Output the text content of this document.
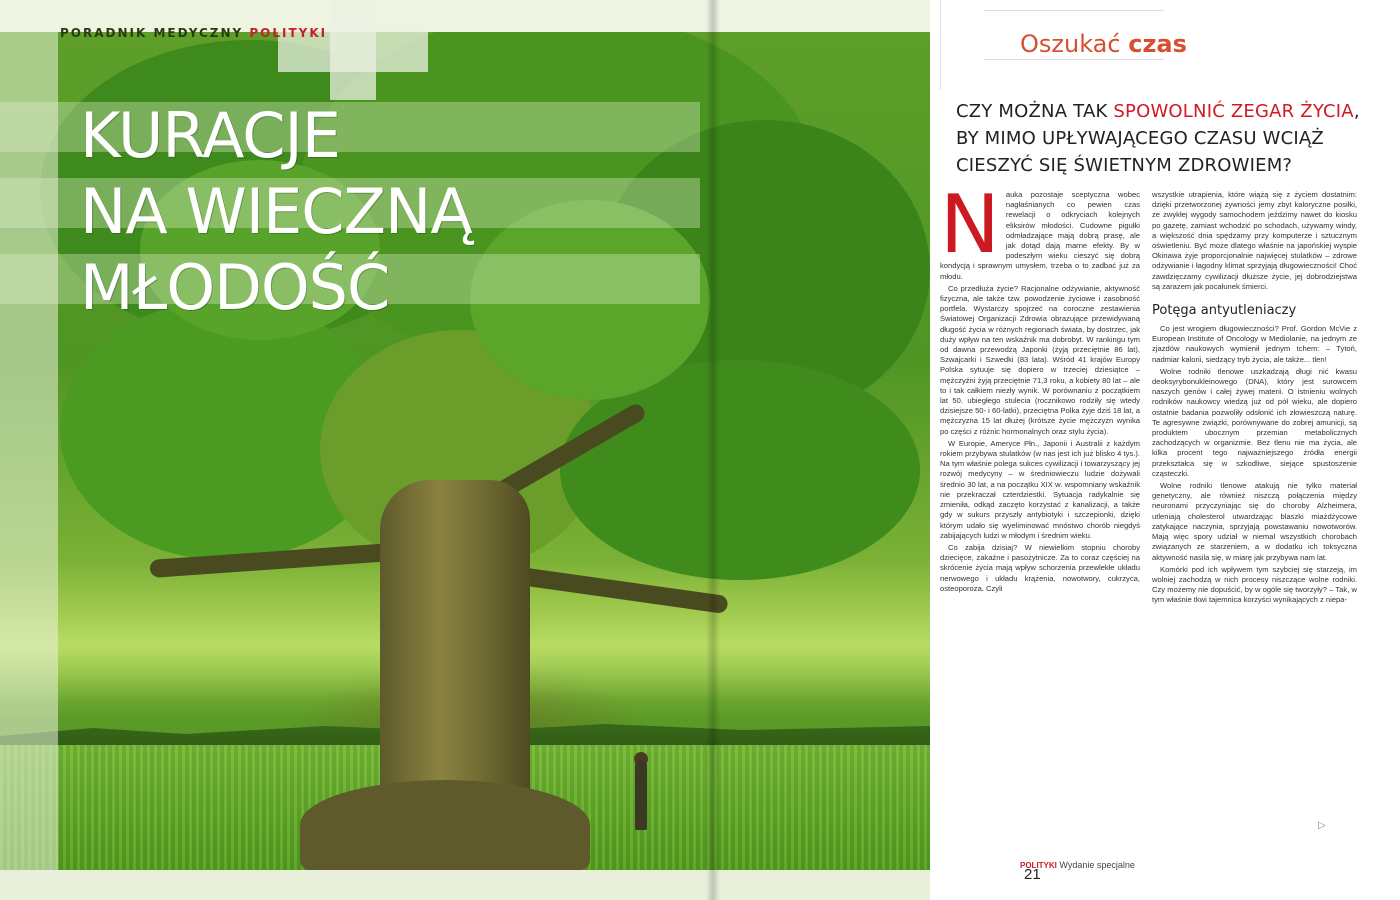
PORADNIK MEDYCZNY POLITYKI
KURACJE
NA WIECZNĄ
MŁODOŚĆ
Oszukać czas
CZY MOŻNA TAK SPOWOLNIĆ ZEGAR ŻYCIA, BY MIMO UPŁYWAJĄCEGO CZASU WCIĄŻ CIESZYĆ SIĘ ŚWIETNYM ZDROWIEM?
N auka pozostaje sceptyczna wobec nagłaśnianych co pewien czas rewelacji o odkryciach kolejnych eliksirów młodości. Cudowne pigułki odmładzające mają dobrą prasę, ale jak dotąd dają marne efekty. By w podeszłym wieku cieszyć się dobrą kondycją i sprawnym umysłem, trzeba o to zadbać już za młodu.

Co przedłuża życie? Racjonalne odżywianie, aktywność fizyczna, ale także tzw. powodzenie życiowe i zasobność portfela. Wystarczy spojrzeć na coroczne zestawienia Światowej Organizacji Zdrowia obrazujące przewidywaną długość życia w różnych regionach świata, by dostrzec, jak duży wpływ na ten wskaźnik ma dobrobyt. W rankingu tym od dawna przewodzą Japonki (żyją przeciętnie 86 lat), Szwajcarki i Szwedki (83 lata). Wśród 41 krajów Europy Polska sytuuje się dopiero w trzeciej dziesiątce – mężczyźni żyją przeciętnie 71,3 roku, a kobiety 80 lat – ale to i tak całkiem niezły wynik. W porównaniu z początkiem lat 50. ubiegłego stulecia (rocznikowo rodziły się wtedy dzisiejsze 50- i 60-latki), przeciętna Polka żyje dziś 18 lat, a mężczyzna 15 lat dłużej (krótsze życie mężczyzn wynika po części z różnic hormonalnych oraz stylu życia).

W Europie, Ameryce Płn., Japonii i Australii z każdym rokiem przybywa stulatków (w nas jest ich już blisko 4 tys.). Na tym właśnie polega sukces cywilizacji i towarzyszący jej rozwój medycyny – w średniowieczu ludzie dożywali średnio 30 lat, a na początku XIX w. wspomniany wskaźnik nie przekraczał czterdziestki. Sytuacja radykalnie się zmieniła, odkąd zaczęto korzystać z kanalizacji, a także gdy w sukurs przyszły antybiotyki i szczepionki, dzięki którym udało się wyeliminować mnóstwo chorób niegdyś zabijających ludzi w młodym i średnim wieku.

Co zabija dzisiaj? W niewielkim stopniu choroby dziecięce, zakaźne i pasożytnicze. Za to coraz częściej na skrócenie życia mają wpływ schorzenia przewlekłe układu nerwowego i układu krążenia, nowotwory, cukrzyca, osteoporoza. Czyli

wszystkie utrapienia, które wiążą się z życiem dostatnim: dzięki przetworzonej żywności jemy zbyt kaloryczne posiłki, ze zwykłej wygody samochodem jeździmy nawet do kiosku po gazetę, zamiast wchodzić po schodach, używamy windy, a większość dnia spędzamy przy komputerze i sztucznym oświetleniu. Być może dlatego właśnie na japońskiej wyspie Okinawa żyje proporcjonalnie najwięcej stulatków – zdrowe odżywianie i łagodny klimat sprzyjają długowieczności! Choć zawdzięczamy cywilizacji dłuższe życie, jej dobrodziejstwa są zarazem jak pocałunek śmierci.

Potęga antyutleniaczy

Co jest wrogiem długowieczności? Prof. Gordon McVie z European Institute of Oncology w Mediolanie, na jednym ze zjazdów naukowych wymienił jednym tchem: – Tytoń, nadmiar kalorii, siedzący tryb życia, ale także... tlen!

Wolne rodniki tlenowe uszkadzają długi nić kwasu deoksyrybonukleinowego (DNA), który jest surowcem naszych genów i całej żywej materii. O istnieniu wolnych rodników naukowcy wiedzą już od pół wieku, ale dopiero ostatnie badania pozwoliły odsłonić ich złowieszczą naturę. Te agresywne związki, porównywane do zobrej amunicji, są produktem ubocznym przemian metabolicznych zachodzących w organizmie. Bez tlenu nie ma życia, ale kilka procent tego najważniejszego źródła energii przekształca się w szkodliwe, siejące spustoszenie cząsteczki.

Wolne rodniki tlenowe atakują nie tylko materiał genetyczny, ale również niszczą połączenia między neuronami przyczyniając się do choroby Alzheimera, utleniają cholesterol utwardzając blaszki miażdżycowe zatykające naczynia, sprzyjają powstawaniu nowotworów. Mają więc spory udział w niemal wszystkich chorobach związanych ze starzeniem, a w dodatku ich toksyczna aktywność nasila się, w miarę jak przybywa nam lat.

Komórki pod ich wpływem tym szybciej się starzeją, im wolniej zachodzą w nich procesy niszczące wolne rodniki. Czy możemy nie dopuścić, by w ogóle się tworzyły? – Tak, w tym właśnie tkwi tajemnica korzyści wynikających z niepa-

▷
POLITYKI Wydanie specjalne
21
